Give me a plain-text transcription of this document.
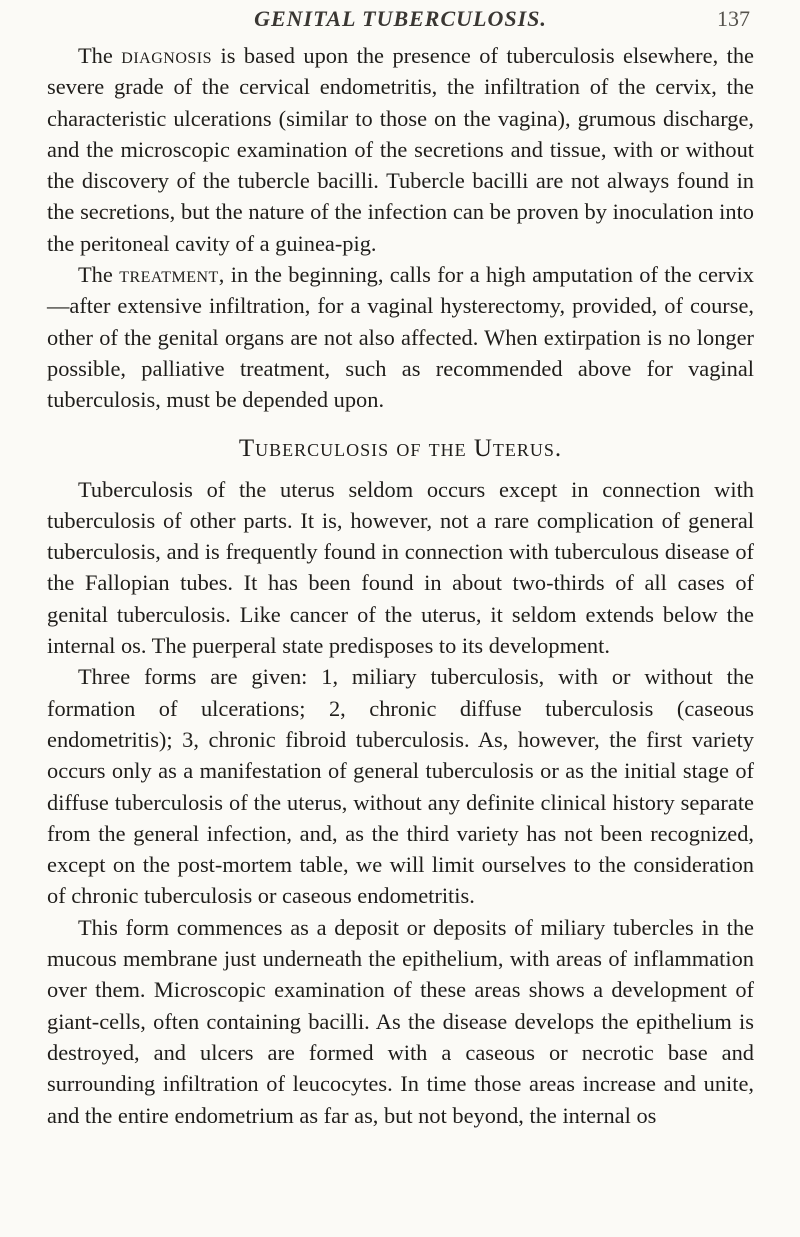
GENITAL TUBERCULOSIS.	137

The diagnosis is based upon the presence of tuberculosis elsewhere, the severe grade of the cervical endometritis, the infiltration of the cervix, the characteristic ulcerations (similar to those on the vagina), grumous discharge, and the microscopic examination of the secretions and tissue, with or without the discovery of the tubercle bacilli. Tubercle bacilli are not always found in the secretions, but the nature of the infection can be proven by inoculation into the peritoneal cavity of a guinea-pig.

The treatment, in the beginning, calls for a high amputation of the cervix—after extensive infiltration, for a vaginal hysterectomy, provided, of course, other of the genital organs are not also affected. When extirpation is no longer possible, palliative treatment, such as recommended above for vaginal tuberculosis, must be depended upon.

Tuberculosis of the Uterus.

Tuberculosis of the uterus seldom occurs except in connection with tuberculosis of other parts. It is, however, not a rare complication of general tuberculosis, and is frequently found in connection with tuberculous disease of the Fallopian tubes. It has been found in about two-thirds of all cases of genital tuberculosis. Like cancer of the uterus, it seldom extends below the internal os. The puerperal state predisposes to its development.

Three forms are given: 1, miliary tuberculosis, with or without the formation of ulcerations; 2, chronic diffuse tuberculosis (caseous endometritis); 3, chronic fibroid tuberculosis. As, however, the first variety occurs only as a manifestation of general tuberculosis or as the initial stage of diffuse tuberculosis of the uterus, without any definite clinical history separate from the general infection, and, as the third variety has not been recognized, except on the post-mortem table, we will limit ourselves to the consideration of chronic tuberculosis or caseous endometritis.

This form commences as a deposit or deposits of miliary tubercles in the mucous membrane just underneath the epithelium, with areas of inflammation over them. Microscopic examination of these areas shows a development of giant-cells, often containing bacilli. As the disease develops the epithelium is destroyed, and ulcers are formed with a caseous or necrotic base and surrounding infiltration of leucocytes. In time those areas increase and unite, and the entire endometrium as far as, but not beyond, the internal os
